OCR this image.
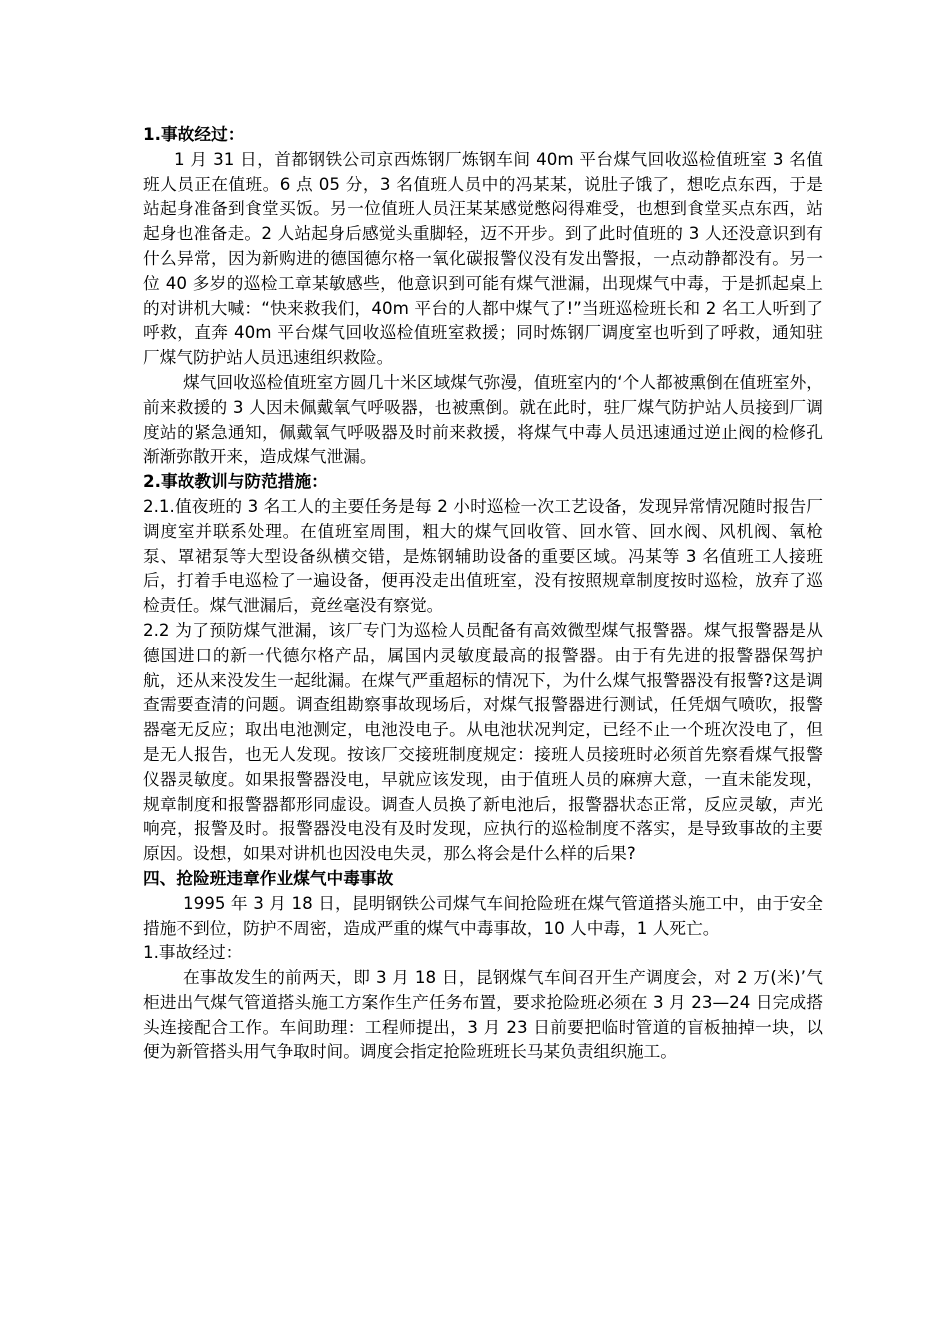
1.事故经过：

1 月 31 日，首都钢铁公司京西炼钢厂炼钢车间 40m 平台煤气回收巡检值班室 3 名值班人员正在值班。6 点 05 分，3 名值班人员中的冯某某，说肚子饿了，想吃点东西，于是站起身准备到食堂买饭。另一位值班人员汪某某感觉憋闷得难受，也想到食堂买点东西，站起身也准备走。2 人站起身后感觉头重脚轻，迈不开步。到了此时值班的 3 人还没意识到有什么异常，因为新购进的德国德尔格一氧化碳报警仪没有发出警报，一点动静都没有。另一位 40 多岁的巡检工章某敏感些，他意识到可能有煤气泄漏，出现煤气中毒，于是抓起桌上的对讲机大喊：“快来救我们，40m 平台的人都中煤气了!”当班巡检班长和 2 名工人听到了呼救，直奔 40m 平台煤气回收巡检值班室救援；同时炼钢厂调度室也听到了呼救，通知驻厂煤气防护站人员迅速组织救险。

煤气回收巡检值班室方圆几十米区域煤气弥漫，值班室内的‘个人都被熏倒在值班室外，前来救援的 3 人因未佩戴氧气呼吸器，也被熏倒。就在此时，驻厂煤气防护站人员接到厂调度站的紧急通知，佩戴氧气呼吸器及时前来救援，将煤气中毒人员迅速通过逆止阀的检修孔渐渐弥散开来，造成煤气泄漏。

2.事故教训与防范措施：

2.1.值夜班的 3 名工人的主要任务是每 2 小时巡检一次工艺设备，发现异常情况随时报告厂调度室并联系处理。在值班室周围，粗大的煤气回收管、回水管、回水阀、风机阀、氧枪泵、罩裙泵等大型设备纵横交错，是炼钢辅助设备的重要区域。冯某等 3 名值班工人接班后，打着手电巡检了一遍设备，便再没走出值班室，没有按照规章制度按时巡检，放弃了巡检责任。煤气泄漏后，竟丝毫没有察觉。

2.2 为了预防煤气泄漏，该厂专门为巡检人员配备有高效微型煤气报警器。煤气报警器是从德国进口的新一代德尔格产品，属国内灵敏度最高的报警器。由于有先进的报警器保驾护航，还从来没发生一起纰漏。在煤气严重超标的情况下，为什么煤气报警器没有报警?这是调查需要查清的问题。调查组勘察事故现场后，对煤气报警器进行测试，任凭烟气喷吹，报警器毫无反应；取出电池测定，电池没电子。从电池状况判定，已经不止一个班次没电了，但是无人报告，也无人发现。按该厂交接班制度规定：接班人员接班时必须首先察看煤气报警仪器灵敏度。如果报警器没电，早就应该发现，由于值班人员的麻痹大意，一直未能发现，规章制度和报警器都形同虚设。调查人员换了新电池后，报警器状态正常，反应灵敏，声光响亮，报警及时。报警器没电没有及时发现，应执行的巡检制度不落实，是导致事故的主要原因。设想，如果对讲机也因没电失灵，那么将会是什么样的后果?

四、抢险班违章作业煤气中毒事故

1995 年 3 月 18 日，昆明钢铁公司煤气车间抢险班在煤气管道搭头施工中，由于安全措施不到位，防护不周密，造成严重的煤气中毒事故，10 人中毒，1 人死亡。

1.事故经过：

在事故发生的前两天，即 3 月 18 日，昆钢煤气车间召开生产调度会，对 2 万(米)’气柜进出气煤气管道搭头施工方案作生产任务布置，要求抢险班必须在 3 月 23—24 日完成搭头连接配合工作。车间助理：工程师提出，3 月 23 日前要把临时管道的盲板抽掉一块，以便为新管搭头用气争取时间。调度会指定抢险班班长马某负责组织施工。
